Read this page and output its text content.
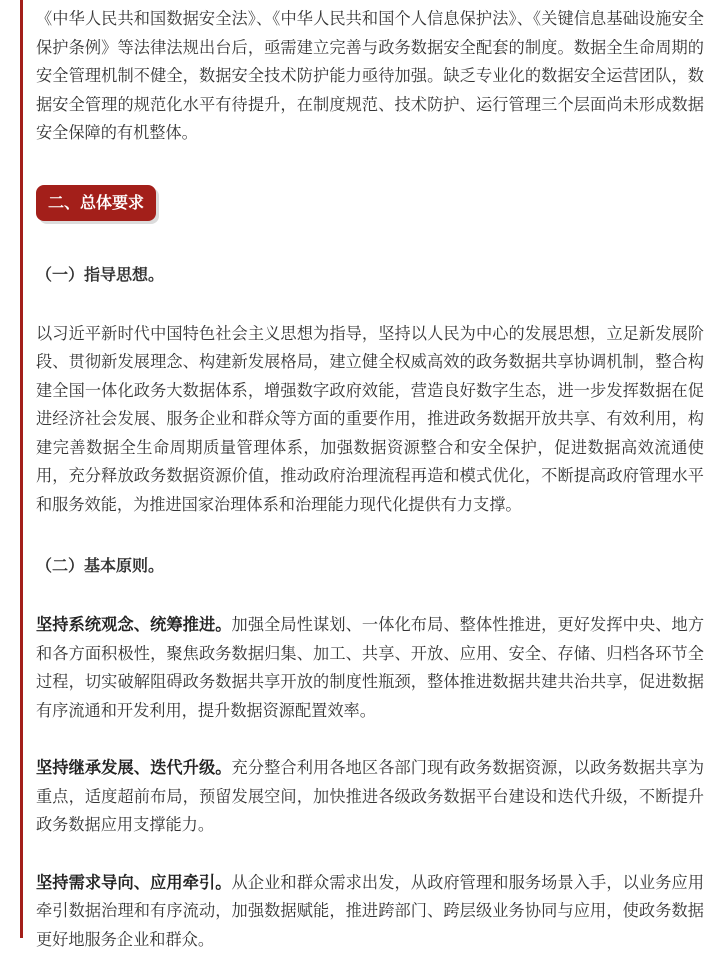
《中华人民共和国数据安全法》、《中华人民共和国个人信息保护法》、《关键信息基础设施安全保护条例》等法律法规出台后，亟需建立完善与政务数据安全配套的制度。数据全生命周期的安全管理机制不健全，数据安全技术防护能力亟待加强。缺乏专业化的数据安全运营团队，数据安全管理的规范化水平有待提升，在制度规范、技术防护、运行管理三个层面尚未形成数据安全保障的有机整体。

二、总体要求
（一）指导思想。

以习近平新时代中国特色社会主义思想为指导，坚持以人民为中心的发展思想，立足新发展阶段、贯彻新发展理念、构建新发展格局，建立健全权威高效的政务数据共享协调机制，整合构建全国一体化政务大数据体系，增强数字政府效能，营造良好数字生态，进一步发挥数据在促进经济社会发展、服务企业和群众等方面的重要作用，推进政务数据开放共享、有效利用，构建完善数据全生命周期质量管理体系，加强数据资源整合和安全保护，促进数据高效流通使用，充分释放政务数据资源价值，推动政府治理流程再造和模式优化，不断提高政府管理水平和服务效能，为推进国家治理体系和治理能力现代化提供有力支撑。

（二）基本原则。

坚持系统观念、统筹推进。加强全局性谋划、一体化布局、整体性推进，更好发挥中央、地方和各方面积极性，聚焦政务数据归集、加工、共享、开放、应用、安全、存储、归档各环节全过程，切实破解阻碍政务数据共享开放的制度性瓶颈，整体推进数据共建共治共享，促进数据有序流通和开发利用，提升数据资源配置效率。

坚持继承发展、迭代升级。充分整合利用各地区各部门现有政务数据资源，以政务数据共享为重点，适度超前布局，预留发展空间，加快推进各级政务数据平台建设和迭代升级，不断提升政务数据应用支撑能力。

坚持需求导向、应用牵引。从企业和群众需求出发，从政府管理和服务场景入手，以业务应用牵引数据治理和有序流动，加强数据赋能，推进跨部门、跨层级业务协同与应用，使政务数据更好地服务企业和群众。
